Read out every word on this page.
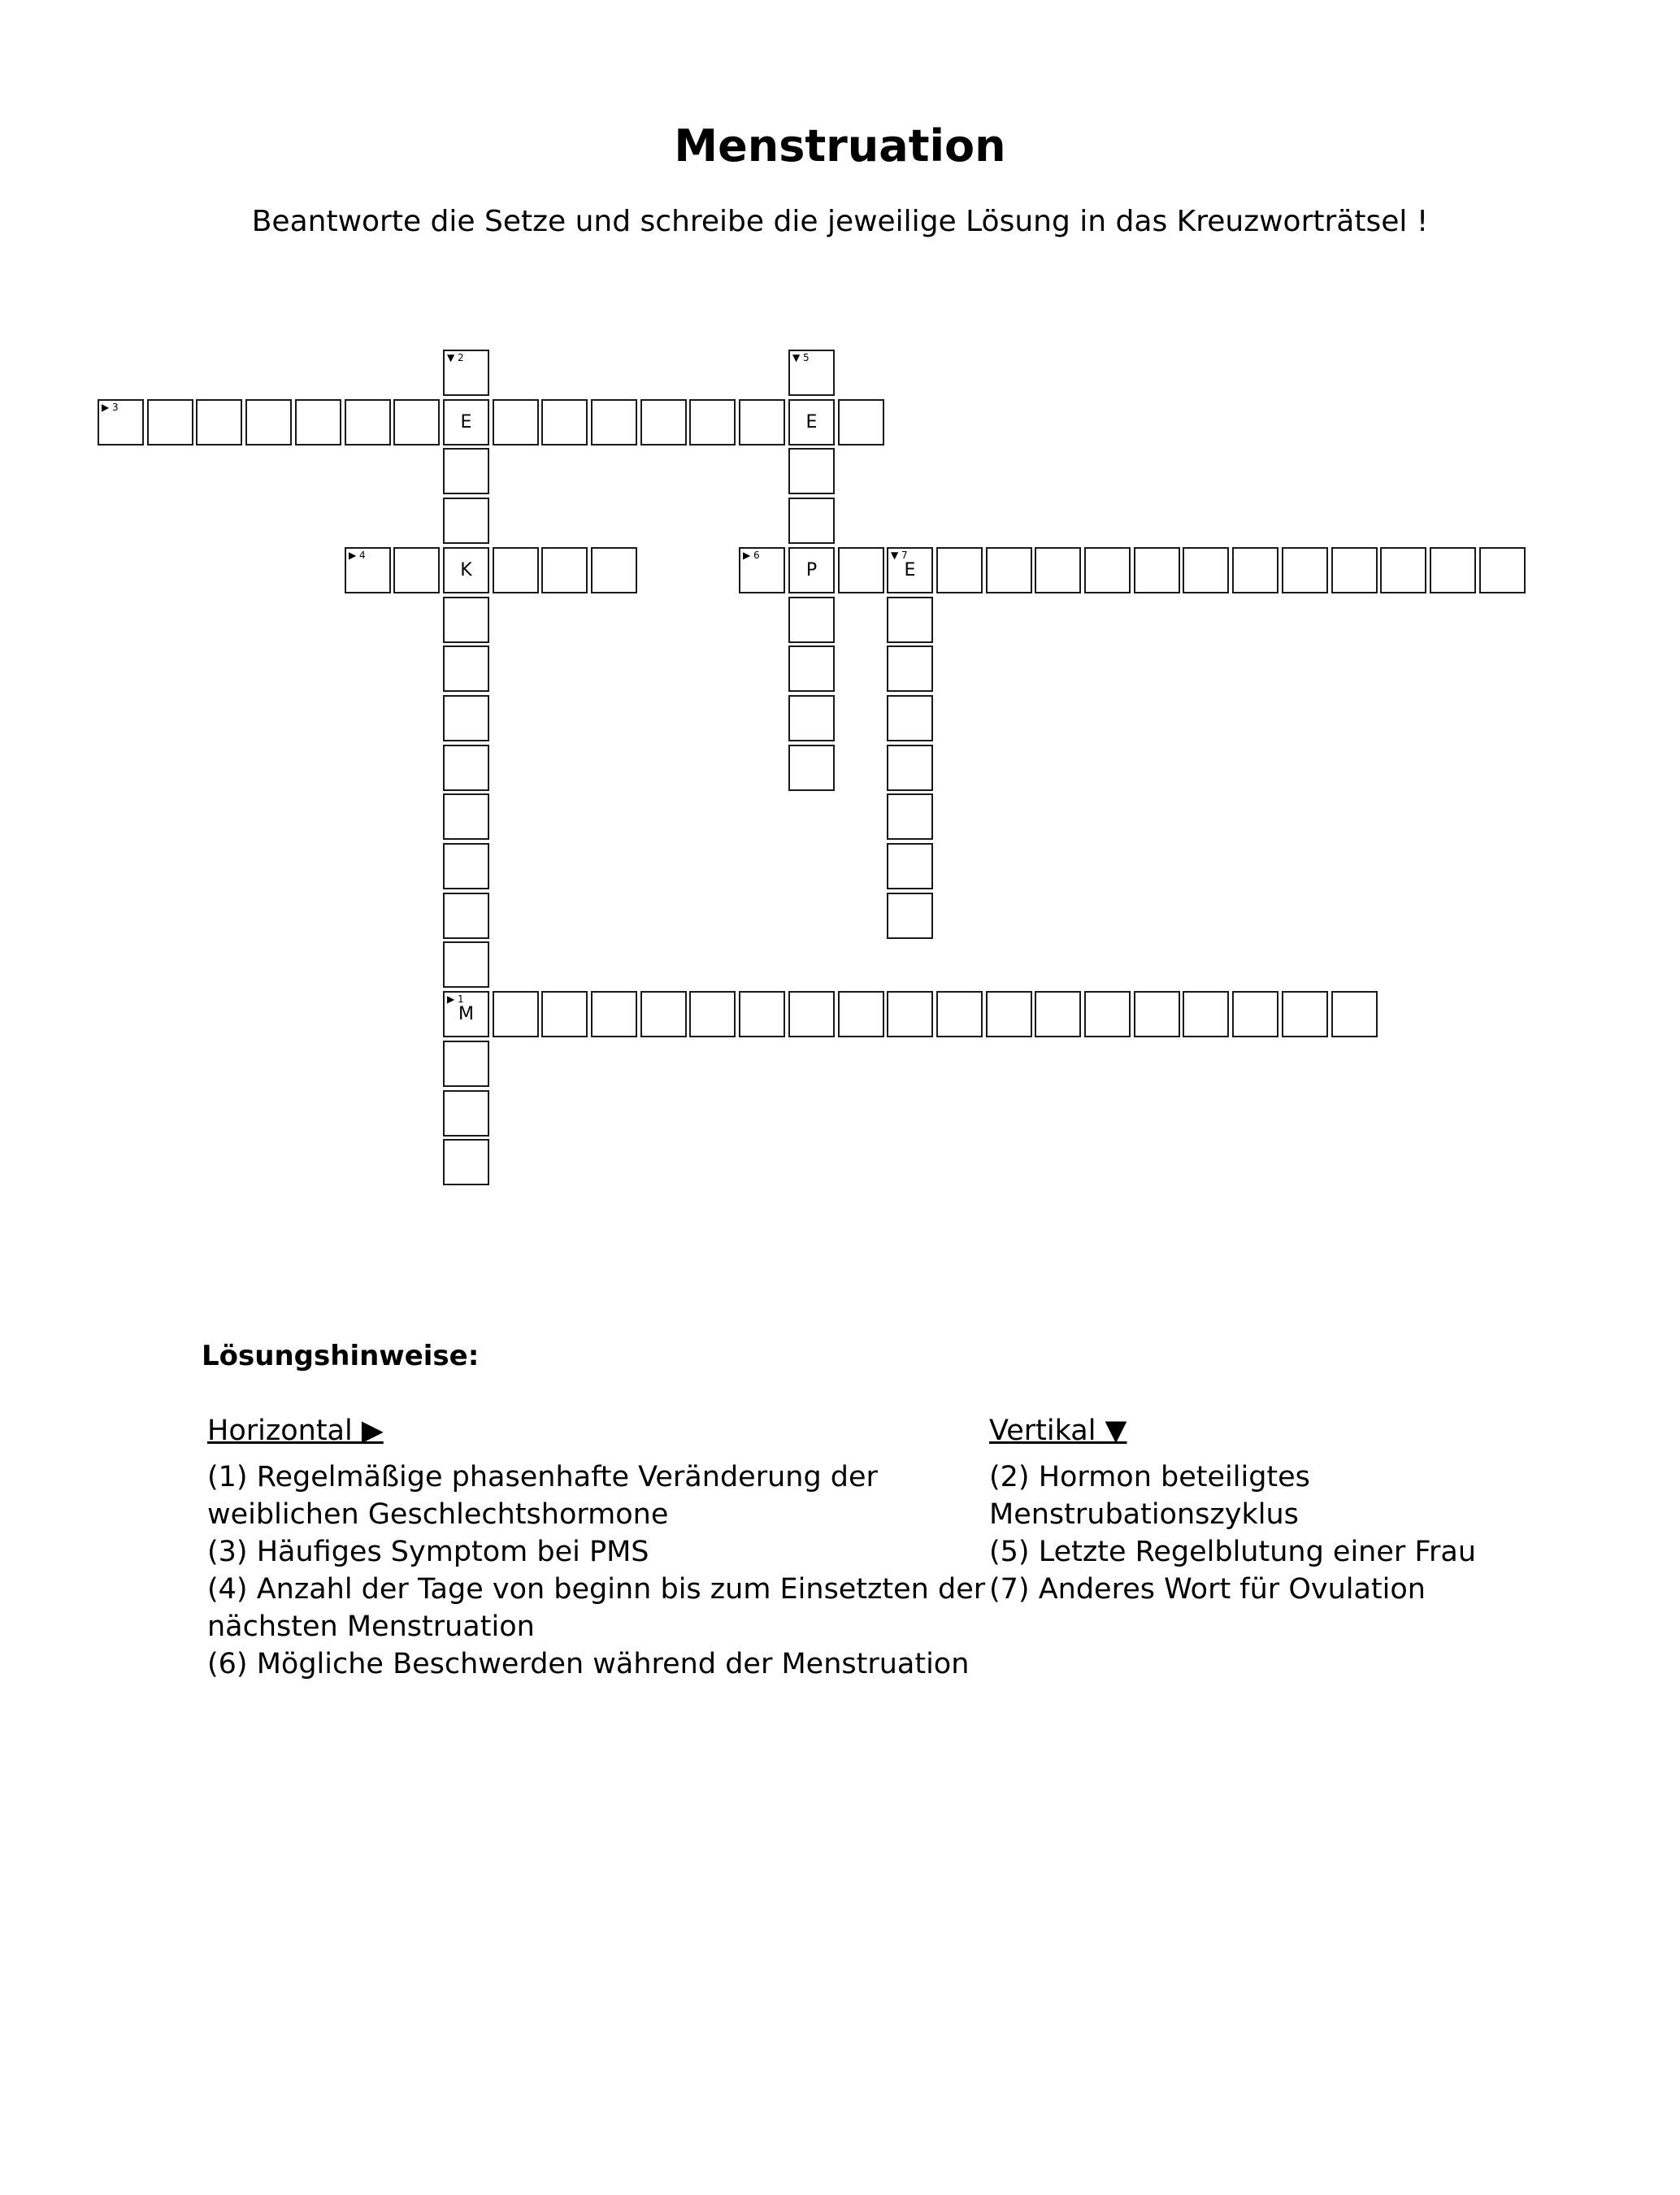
Menstruation
Beantworte die Setze und schreibe die jeweilige Lösung in das Kreuzworträtsel !
▶ 1
M
▶ 3
E	E
▶ 4
K
▶ 6
P
▼ 7
E
▼ 2	▼ 5
Lösungshinweise:
Horizontal ▶	Vertikal ▼
(1) Regelmäßige phasenhafte Veränderung der weiblichen Geschlechtshormone
(3) Häufiges Symptom bei PMS
(4) Anzahl der Tage von beginn bis zum Einsetzten der nächsten Menstruation
(6) Mögliche Beschwerden während der Menstruation
(2) Hormon beteiligtes Menstrubationszyklus
(5) Letzte Regelblutung einer Frau
(7) Anderes Wort für Ovulation
